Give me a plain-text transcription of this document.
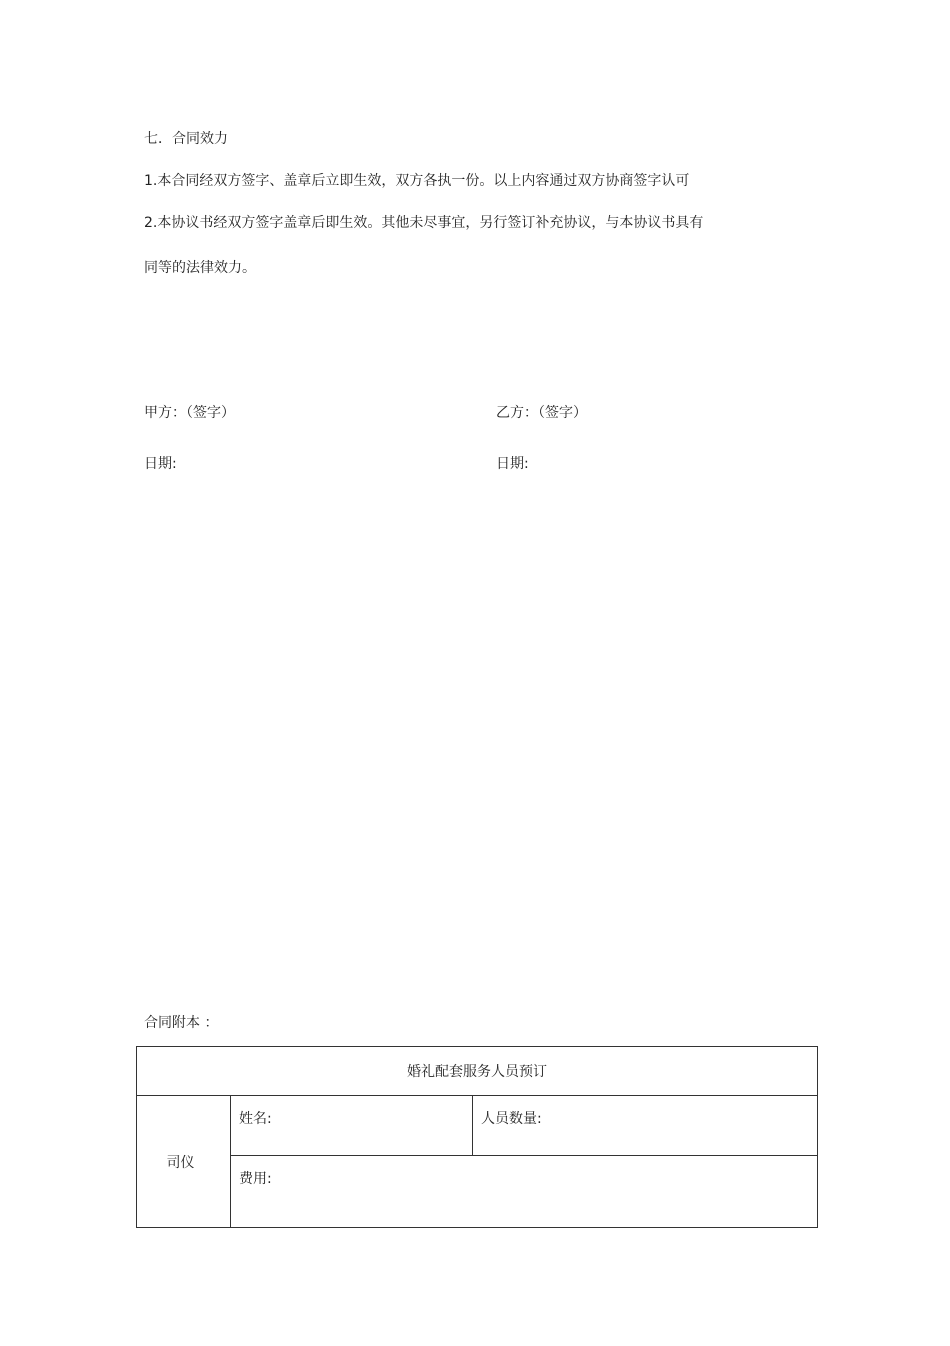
七．合同效力
1.本合同经双方签字、盖章后立即生效，双方各执一份。以上内容通过双方协商签字认可
2.本协议书经双方签字盖章后即生效。其他未尽事宜，另行签订补充协议，与本协议书具有
同等的法律效力。
甲方：（签字）	乙方：（签字）
日期:	日期:
合同附本 ：
婚礼配套服务人员预订
司仪	姓名:	人员数量:
费用:
